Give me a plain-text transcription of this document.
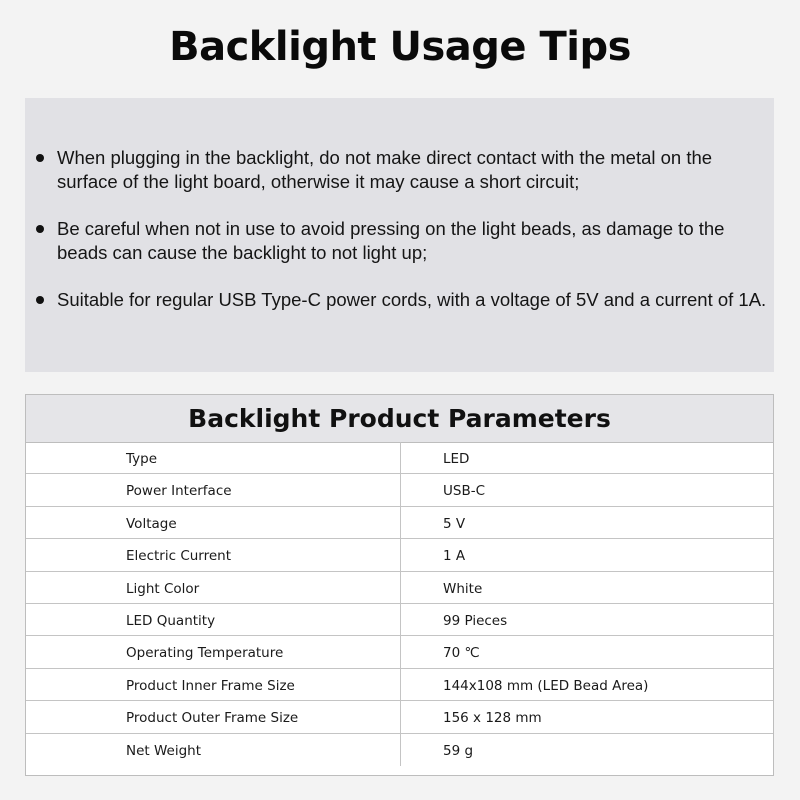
Backlight Usage Tips
When plugging in the backlight, do not make direct contact with the metal on the surface of the light board, otherwise it may cause a short circuit;
Be careful when not in use to avoid pressing on the light beads, as damage to the beads can cause the backlight to not light up;
Suitable for regular USB Type-C power cords, with a voltage of 5V and a current of 1A.
Backlight Product Parameters
Type	LED
Power Interface	USB-C
Voltage	5 V
Electric Current	1 A
Light Color	White
LED Quantity	99 Pieces
Operating Temperature	70 ℃
Product Inner Frame Size	144x108 mm (LED Bead Area)
Product Outer Frame Size	156 x 128 mm
Net Weight	59 g
